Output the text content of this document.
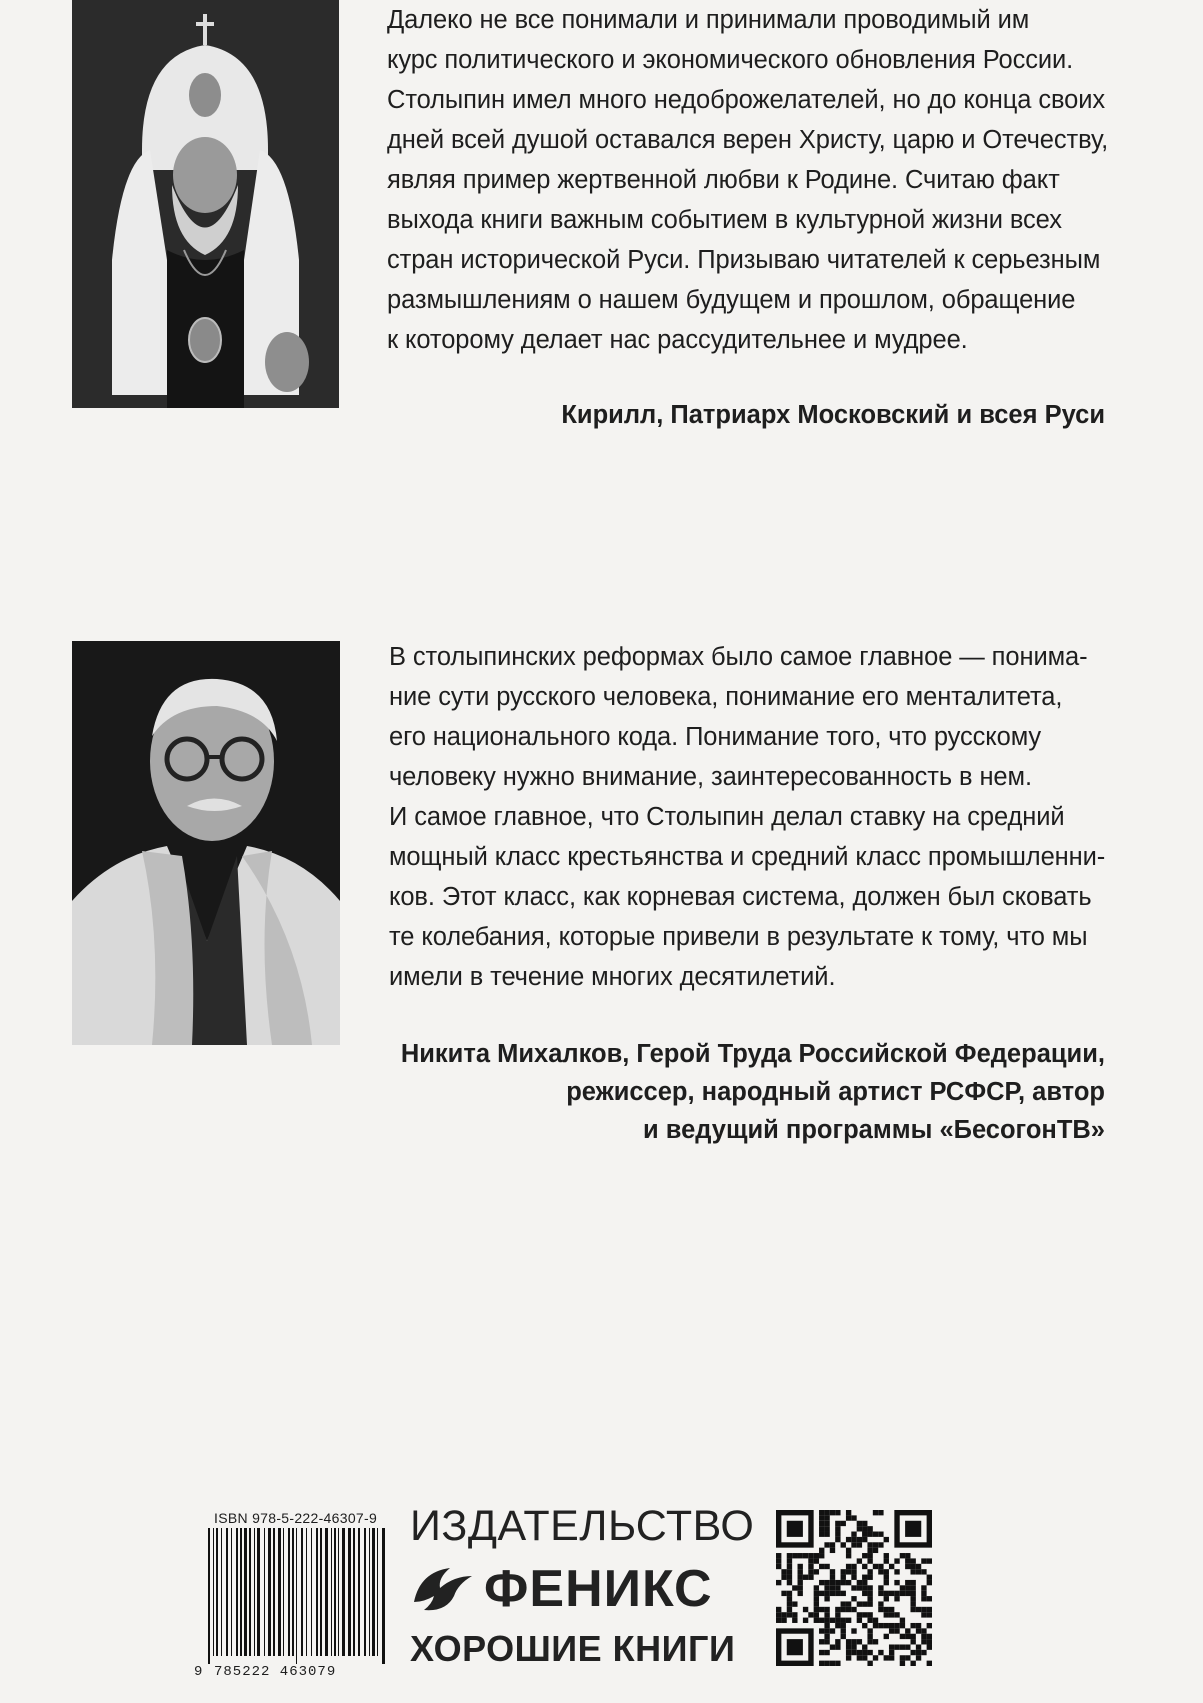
Далеко не все понимали и принимали проводимый им
курс политического и экономического обновления России.
Столыпин имел много недоброжелателей, но до конца своих
дней всей душой оставался верен Христу, царю и Отечеству,
являя пример жертвенной любви к Родине. Считаю факт
выхода книги важным событием в культурной жизни всех
стран исторической Руси. Призываю читателей к серьезным
размышлениям о нашем будущем и прошлом, обращение
к которому делает нас рассудительнее и мудрее.
Кирилл, Патриарх Московский и всея Руси
В столыпинских реформах было самое главное — понима-
ние сути русского человека, понимание его менталитета,
его национального кода. Понимание того, что русскому
человеку нужно внимание, заинтересованность в нем.
И самое главное, что Столыпин делал ставку на средний
мощный класс крестьянства и средний класс промышленни-
ков. Этот класс, как корневая система, должен был сковать
те колебания, которые привели в результате к тому, что мы
имели в течение многих десятилетий.
Никита Михалков, Герой Труда Российской Федерации,
режиссер, народный артист РСФСР, автор
и ведущий программы «БесогонТВ»
ISBN 978-5-222-46307-9
9 785222 463079
ИЗДАТЕЛЬСТВО
ФЕНИКС
ХОРОШИЕ КНИГИ
